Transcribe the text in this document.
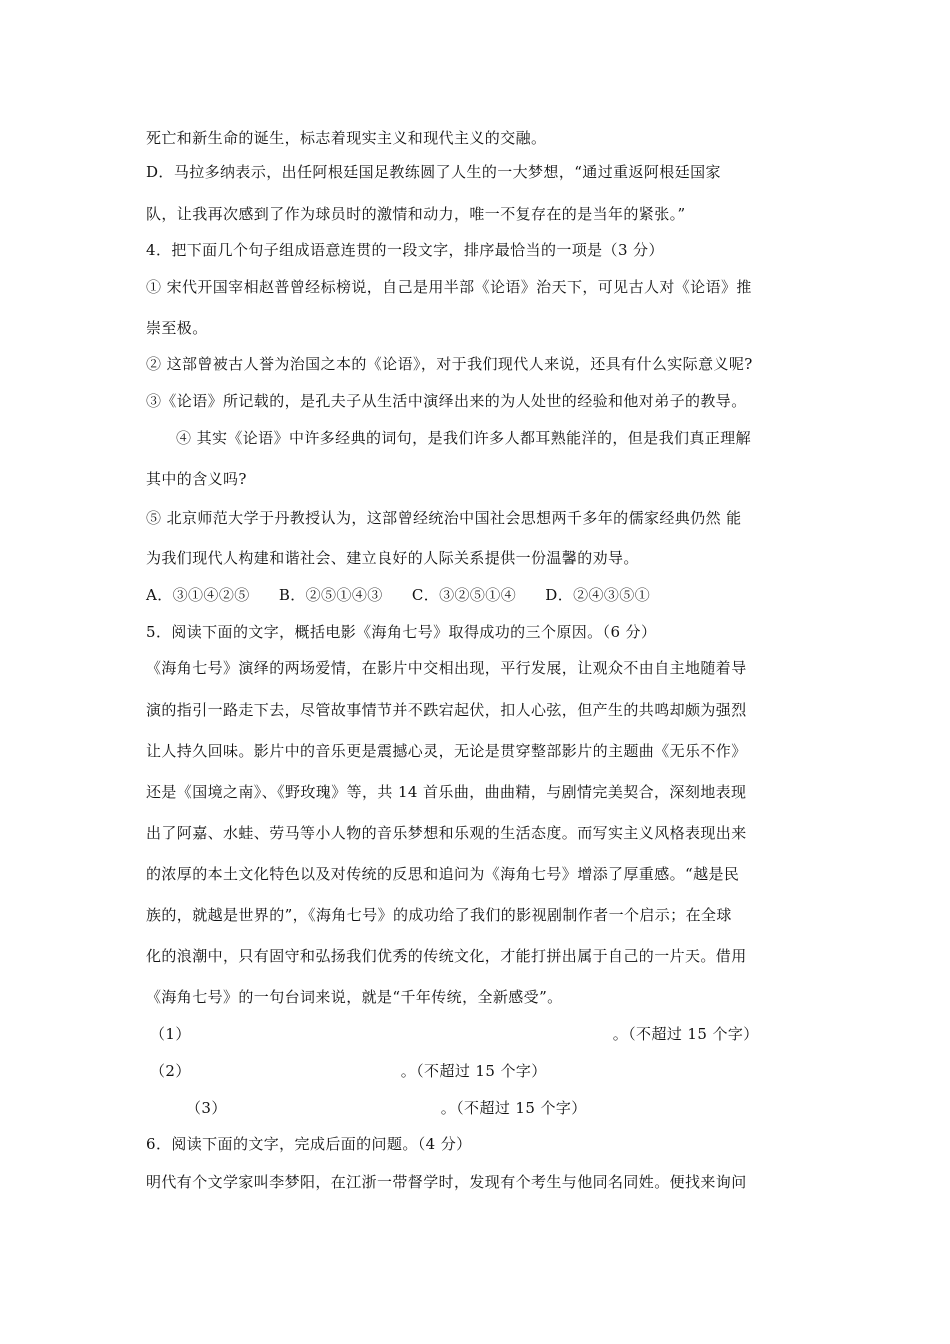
死亡和新生命的诞生，标志着现实主义和现代主义的交融。
D．马拉多纳表示，出任阿根廷国足教练圆了人生的一大梦想，“通过重返阿根廷国家
队，让我再次感到了作为球员时的激情和动力，唯一不复存在的是当年的紧张。”
4．把下面几个句子组成语意连贯的一段文字，排序最恰当的一项是（3 分）
① 宋代开国宰相赵普曾经标榜说，自己是用半部《论语》治天下，可见古人对《论语》推
崇至极。
② 这部曾被古人誉为治国之本的《论语》，对于我们现代人来说，还具有什么实际意义呢?
③《论语》所记载的，是孔夫子从生活中演绎出来的为人处世的经验和他对弟子的教导。
④ 其实《论语》中许多经典的词句，是我们许多人都耳熟能洋的，但是我们真正理解
其中的含义吗?
⑤ 北京师范大学于丹教授认为，这部曾经统治中国社会思想两千多年的儒家经典仍然 能
为我们现代人构建和谐社会、建立良好的人际关系提供一份温馨的劝导。
A．③①④②⑤ B．②⑤①④③ C．③②⑤①④ D．②④③⑤①
5．阅读下面的文字，概括电影《海角七号》取得成功的三个原因。（6 分）
《海角七号》演绎的两场爱情，在影片中交相出现，平行发展，让观众不由自主地随着导
演的指引一路走下去，尽管故事情节并不跌宕起伏，扣人心弦，但产生的共鸣却颇为强烈
让人持久回味。影片中的音乐更是震撼心灵，无论是贯穿整部影片的主题曲《无乐不作》
还是《国境之南》、《野玫瑰》等，共 14 首乐曲，曲曲精，与剧情完美契合，深刻地表现
出了阿嘉、水蛙、劳马等小人物的音乐梦想和乐观的生活态度。而写实主义风格表现出来
的浓厚的本土文化特色以及对传统的反思和追问为《海角七号》增添了厚重感。“越是民
族的，就越是世界的”，《海角七号》的成功给了我们的影视剧制作者一个启示；在全球
化的浪潮中，只有固守和弘扬我们优秀的传统文化，才能打拼出属于自己的一片天。借用
《海角七号》的一句台词来说，就是“千年传统，全新感受”。
（1）	。（不超过 15 个字）
（2）	。（不超过 15 个字）
（3）	。（不超过 15 个字）
6．阅读下面的文字，完成后面的问题。（4 分）
明代有个文学家叫李梦阳，在江浙一带督学时，发现有个考生与他同名同姓。便找来询问
